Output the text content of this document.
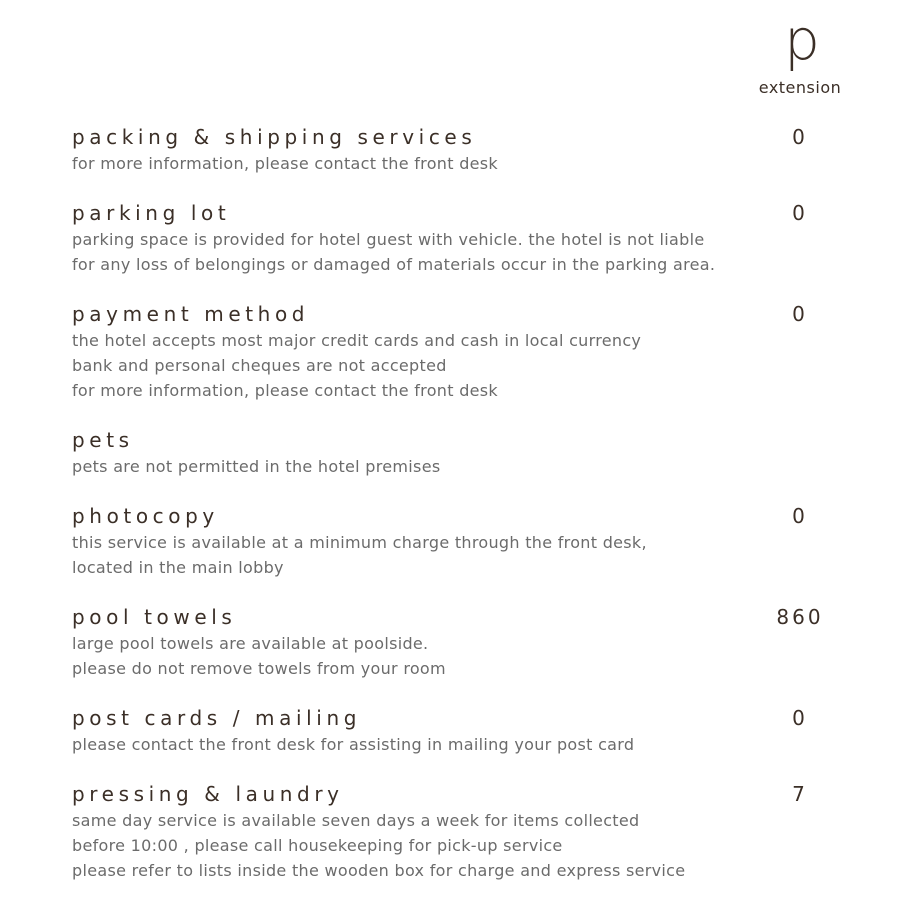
p
extension
packing & shipping services	0
for more information, please contact the front desk
parking lot	0
parking space is provided for hotel guest with vehicle. the hotel is not liable
for any loss of belongings or damaged of materials occur in the parking area.
payment method	0
the hotel accepts most major credit cards and cash in local currency
bank and personal cheques are not accepted
for more information, please contact the front desk
pets
pets are not permitted in the hotel premises
photocopy	0
this service is available at a minimum charge through the front desk,
located in the main lobby
pool towels	860
large pool towels are available at poolside.
please do not remove towels from your room
post cards / mailing	0
please contact the front desk for assisting in mailing your post card
pressing & laundry	7
same day service is available seven days a week for items collected
before 10:00 , please call housekeeping for pick-up service
please refer to lists inside the wooden box for charge and express service
